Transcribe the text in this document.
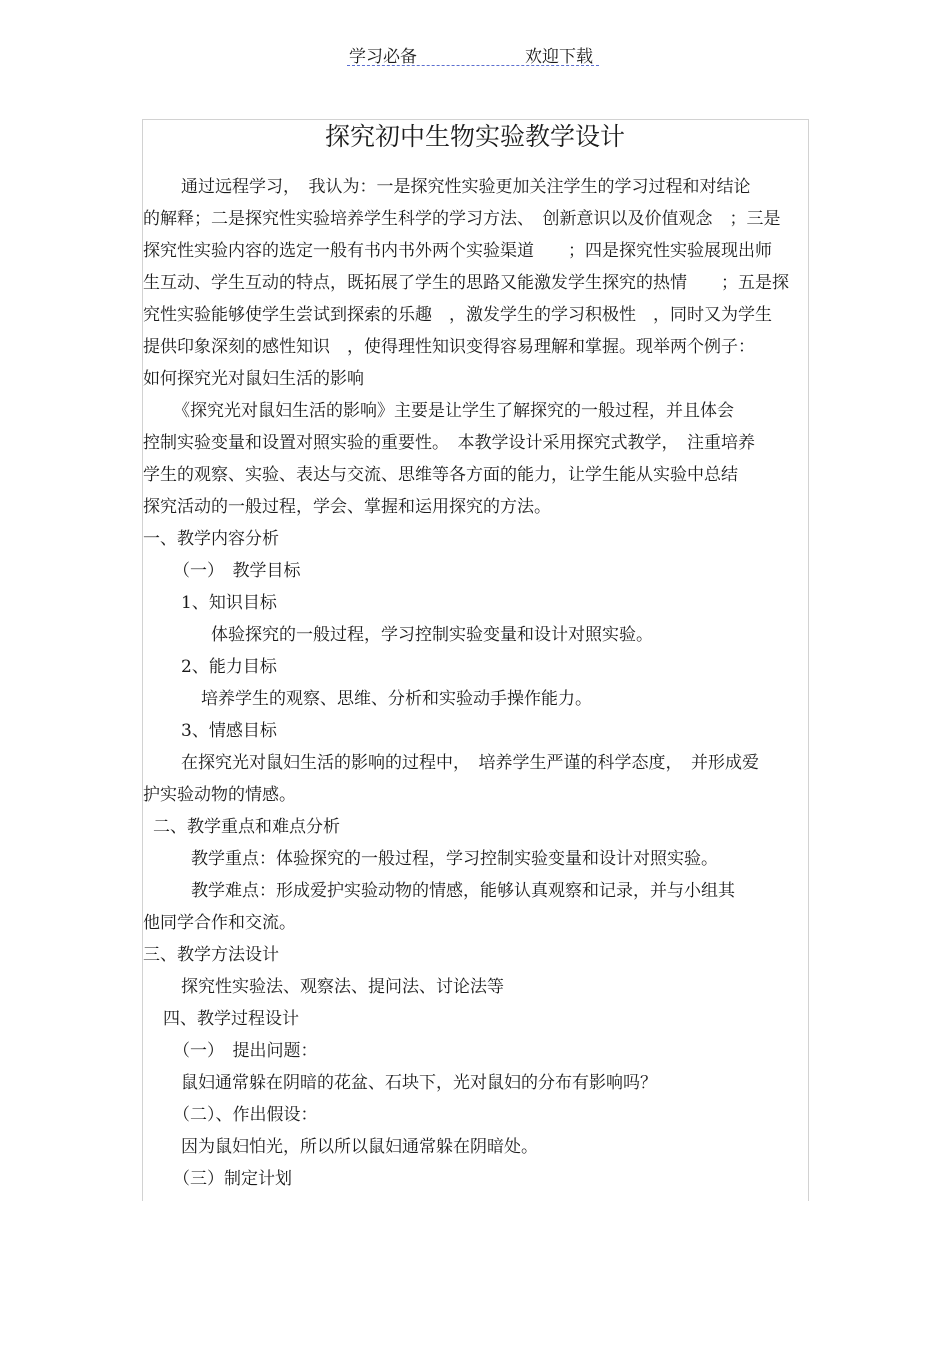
学习必备	欢迎下载
探究初中生物实验教学设计
通过远程学习，　我认为：一是探究性实验更加关注学生的学习过程和对结论
的解释；二是探究性实验培养学生科学的学习方法、　创新意识以及价值观念　；三是
探究性实验内容的选定一般有书内书外两个实验渠道　　；四是探究性实验展现出师
生互动、学生互动的特点，既拓展了学生的思路又能激发学生探究的热情　　；五是探
究性实验能够使学生尝试到探索的乐趣　，激发学生的学习积极性　，同时又为学生
提供印象深刻的感性知识　，使得理性知识变得容易理解和掌握。现举两个例子：
如何探究光对鼠妇生活的影响
《探究光对鼠妇生活的影响》主要是让学生了解探究的一般过程，并且体会
控制实验变量和设置对照实验的重要性。　本教学设计采用探究式教学，　注重培养
学生的观察、实验、表达与交流、思维等各方面的能力，让学生能从实验中总结
探究活动的一般过程，学会、掌握和运用探究的方法。
一、教学内容分析
（一）　教学目标
1、知识目标
体验探究的一般过程，学习控制实验变量和设计对照实验。
2、能力目标
培养学生的观察、思维、分析和实验动手操作能力。
3、情感目标
在探究光对鼠妇生活的影响的过程中，　培养学生严谨的科学态度，　并形成爱
护实验动物的情感。
二、教学重点和难点分析
教学重点：体验探究的一般过程，学习控制实验变量和设计对照实验。
教学难点：形成爱护实验动物的情感，能够认真观察和记录，并与小组其
他同学合作和交流。
三、教学方法设计
探究性实验法、观察法、提问法、讨论法等
四、教学过程设计
（一）　提出问题：
鼠妇通常躲在阴暗的花盆、石块下，光对鼠妇的分布有影响吗？
（二）、作出假设：
因为鼠妇怕光，所以所以鼠妇通常躲在阴暗处。
（三）制定计划
